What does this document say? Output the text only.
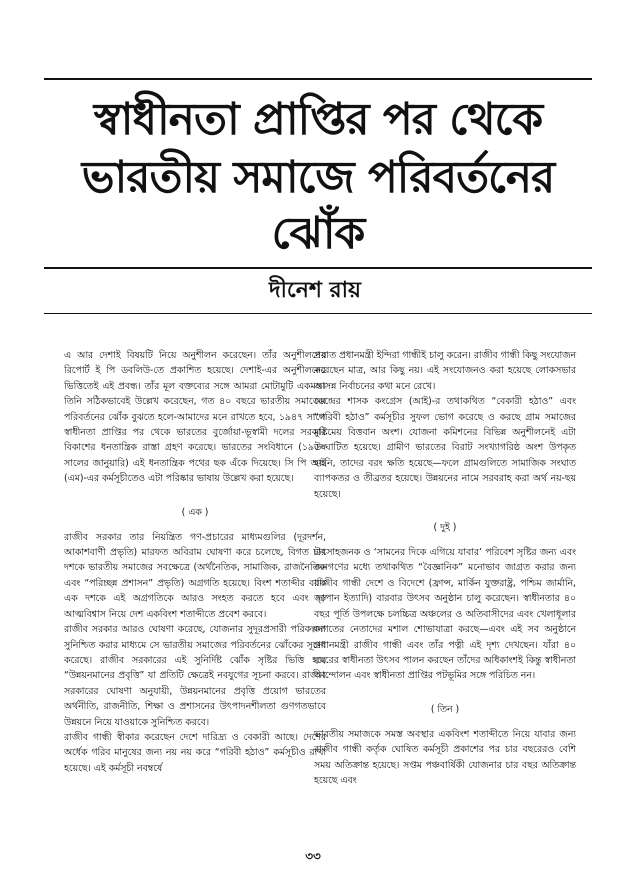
স্বাধীনতা প্রাপ্তির পর থেকে
ভারতীয় সমাজে পরিবর্তনের
ঝোঁক
দীনেশ রায়

এ আর দেশাই বিষয়টি নিয়ে অনুশীলন করেছেন। তাঁর অনুশীলনের রিপোর্ট ই পি ডবলিউ-তে প্রকাশিত হয়েছে। দেশাই-এর অনুশীলনের ভিত্তিতেই এই প্রবন্ধ। তাঁর মূল বক্তব্যের সঙ্গে আমরা মোটামুটি একমত। তিনি সঠিকভাবেই উল্লেখ করেছেন, গত ৪০ বছরে ভারতীয় সমাজের পরিবর্তনের ঝোঁক বুঝতে হলে-আমাদের মনে রাখতে হবে, ১৯৪৭ সালে স্বাধীনতা প্রাপ্তির পর থেকে ভারতের বুর্জোয়া-ভূস্বামী দলের সরকার বিকাশের ধনতান্ত্রিক রাস্তা গ্রহণ করেছে। ভারতের সংবিধানে (১৯৫০ সালের জানুয়ারি) এই ধনতান্ত্রিক পথের ছক এঁকে দিয়েছে। সি পি আই (এম)-এর কর্মসূচীতেও এটা পরিষ্কার ভাষায় উল্লেখ করা হয়েছে।

( এক )

রাজীব সরকার তার নিয়ন্ত্রিত গণ-প্রচারের মাধ্যমগুলির (দূরদর্শন, আকাশবাণী প্রভৃতি) মারফত অবিরাম ঘোষণা করে চলেছে, বিগত চার দশকে ভারতীয় সমাজের সবক্ষেত্রে (অর্থনৈতিক, সামাজিক, রাজনৈতিক এবং “পরিচ্ছন্ন প্রশাসন” প্রভৃতি) অগ্রগতি হয়েছে। বিংশ শতাব্দীর বাকি এক দশকে এই অগ্রগতিকে আরও সংহত করতে হবে এবং দৃঢ় আত্মবিশ্বাস নিয়ে দেশ একবিংশ শতাব্দীতে প্রবেশ করবে।

রাজীব সরকার আরও ঘোষণা করেছে, যোজনার সুদূরপ্রসারী পরিকল্পনা সুনিশ্চিত করার মাধ্যমে সে ভারতীয় সমাজের পরিবর্তনের ঝোঁকের সূচনা করেছে। রাজীব সরকারের এই সুনির্দিষ্ট ঝোঁক সৃষ্টির ভিত্তি হবে “উন্নয়নমানের প্রবৃত্তি” যা প্রতিটি ক্ষেত্রেই নবযুগের সূচনা করবে। রাজীব সরকারের ঘোষণা অনুযায়ী, উন্নয়নমানের প্রবৃত্তি প্রয়োগ ভারতের অর্থনীতি, রাজনীতি, শিক্ষা ও প্রশাসনের উৎপাদনশীলতা গুণগতভাবে উন্নয়নে নিয়ে যাওয়াকে সুনিশ্চিত করবে।

রাজীব গান্ধী স্বীকার করেছেন দেশে দারিদ্র্য ও বেকারী আছে। দেশের অর্ধেক গরিব মানুষের জন্য নয় নয় করে “গরিবী হঠাও” কর্মসূচীও রাখা হয়েছে। এই কর্মসূচী নবম্বর্ষে

প্রয়াত প্রধানমন্ত্রী ইন্দিরা গান্ধীই চালু করেন। রাজীব গান্ধী কিছু সংযোজন করেছেন মাত্র, আর কিছু নয়। এই সংযোজনও করা হয়েছে লোকসভার আসন্ন নির্বাচনের কথা মনে রেখে।

কেন্দ্রের শাসক কংগ্রেস (আই)-র তথাকথিত “বেকারী হঠাও” এবং “গরিবী হঠাও” কর্মসূচীর সুফল ভোগ করেছে ও করছে গ্রাম সমাজের মুষ্টিমেয় বিত্তবান অংশ। যোজনা কমিশনের বিভিন্ন অনুশীলনেই এটা উদ্ঘাটিত হয়েছে। গ্রামীণ ভারতের বিরাট সংখ্যাগরিষ্ঠ অংশ উপকৃত হয়নি, তাদের বরং ক্ষতি হয়েছে—ফলে গ্রামগুলিতে সামাজিক সংঘাত ব্যাপকতর ও তীব্রতর হয়েছে। উন্নয়নের নামে সরবরাহ করা অর্থ নয়-ছয় হয়েছে।

( দুই )

উৎসাহজনক ও ‘সামনের দিকে এগিয়ে যাবার’ পরিবেশ সৃষ্টির জন্য এবং জনগণের মধ্যে তথাকথিত “বৈজ্ঞানিক” মনোভাব জাগ্রত করার জন্য রাজীব গান্ধী দেশে ও বিদেশে (ফ্রান্স, মার্কিন যুক্তরাষ্ট্র, পশ্চিম জার্মানি, জাপান ইত্যাদি) বারবার উৎসব অনুষ্ঠান চালু করেছেন। স্বাধীনতার ৪০ বছর পূর্তি উপলক্ষে চলচ্চিত্র অঞ্চলের ও অতিবাসীদের এবং খেলাধূলার জগতের নেতাদের মশাল শোভাযাত্রা করছে—এবং এই সব অনুষ্ঠানে প্রধানমন্ত্রী রাজীব গান্ধী এবং তাঁর পত্নী এই দৃশ্য দেখছেন। যাঁরা ৪০ বছরের স্বাধীনতা উৎসব পালন করছেন তাঁদের অধিকাংশই কিন্তু স্বাধীনতা আন্দোলন এবং স্বাধীনতা প্রাপ্তির পটভূমির সঙ্গে পরিচিত নন।

( তিন )

ভারতীয় সমাজকে সমস্ত অবস্থার একবিংশ শতাব্দীতে নিয়ে যাবার জন্য রাজীব গান্ধী কর্তৃক ঘোষিত কর্মসূচী প্রকাশের পর চার বছরেরও বেশি সময় অতিক্রান্ত হয়েছে। সপ্তম পঞ্চবার্ষিকী যোজনার চার বছর অতিক্রান্ত হয়েছে এবং

৩৩
